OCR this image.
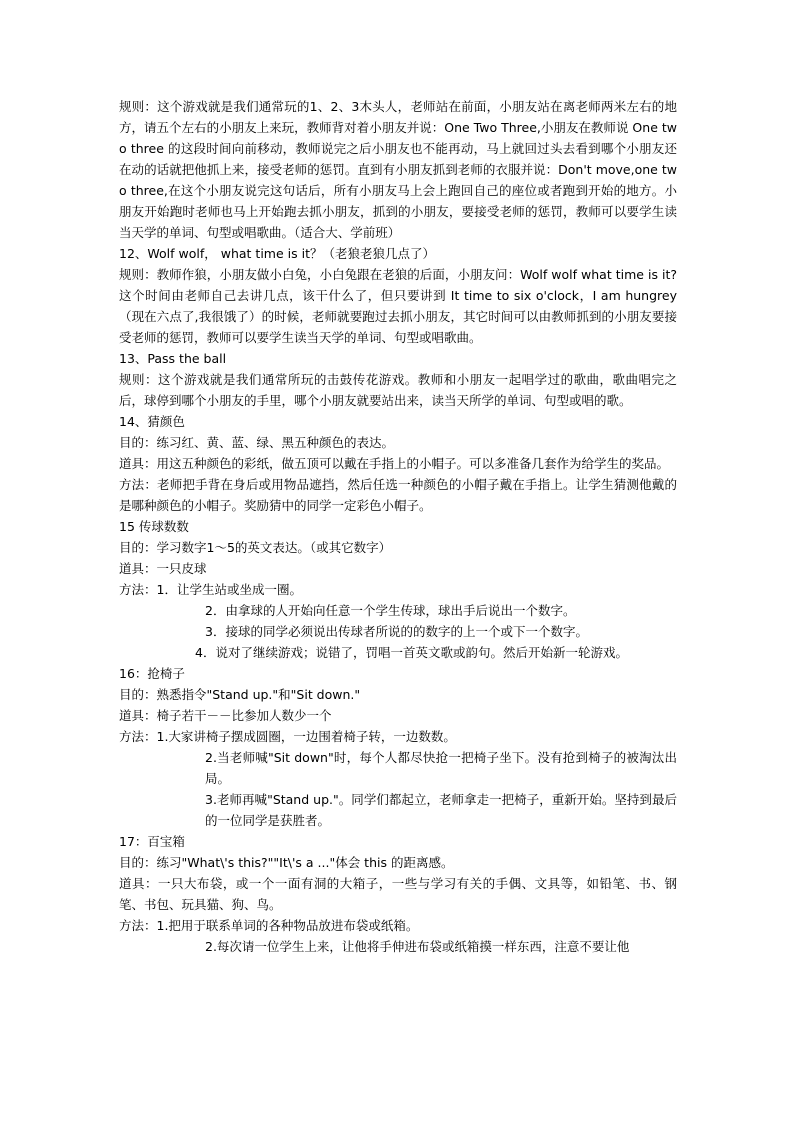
规则：这个游戏就是我们通常玩的1、2、3木头人，老师站在前面，小朋友站在离老师两米左右的地方，请五个左右的小朋友上来玩，教师背对着小朋友并说：One Two Three,小朋友在教师说 One two three 的这段时间向前移动，教师说完之后小朋友也不能再动，马上就回过头去看到哪个小朋友还在动的话就把他抓上来，接受老师的惩罚。直到有小朋友抓到老师的衣服并说：Don't move,one two three,在这个小朋友说完这句话后，所有小朋友马上会上跑回自己的座位或者跑到开始的地方。小朋友开始跑时老师也马上开始跑去抓小朋友，抓到的小朋友，要接受老师的惩罚，教师可以要学生读当天学的单词、句型或唱歌曲。（适合大、学前班）

12、Wolf wolf， what time is it？（老狼老狼几点了）

规则：教师作狼，小朋友做小白兔，小白兔跟在老狼的后面，小朋友问：Wolf wolf what time is it?这个时间由老师自己去讲几点，该干什么了，但只要讲到 It time to six o'clock，I am hungrey（现在六点了,我很饿了）的时候，老师就要跑过去抓小朋友，其它时间可以由教师抓到的小朋友要接受老师的惩罚，教师可以要学生读当天学的单词、句型或唱歌曲。

13、Pass the ball

规则：这个游戏就是我们通常所玩的击鼓传花游戏。教师和小朋友一起唱学过的歌曲，歌曲唱完之后，球停到哪个小朋友的手里，哪个小朋友就要站出来，读当天所学的单词、句型或唱的歌。

14、猜颜色

目的：练习红、黄、蓝、绿、黑五种颜色的表达。

道具：用这五种颜色的彩纸，做五顶可以戴在手指上的小帽子。可以多准备几套作为给学生的奖品。

方法：老师把手背在身后或用物品遮挡，然后任选一种颜色的小帽子戴在手指上。让学生猜测他戴的是哪种颜色的小帽子。奖励猜中的同学一定彩色小帽子。

15 传球数数

目的：学习数字1～5的英文表达。（或其它数字）

道具：一只皮球

方法：1．让学生站或坐成一圈。

2．由拿球的人开始向任意一个学生传球，球出手后说出一个数字。

3．接球的同学必须说出传球者所说的的数字的上一个或下一个数字。

4．说对了继续游戏；说错了，罚唱一首英文歌或韵句。然后开始新一轮游戏。

16：抢椅子

目的：熟悉指令"Stand up."和"Sit down."

道具：椅子若干－－比参加人数少一个

方法：1.大家讲椅子摆成圆圈，一边围着椅子转，一边数数。

2.当老师喊"Sit down"时，每个人都尽快抢一把椅子坐下。没有抢到椅子的被淘汰出局。

3.老师再喊"Stand up."。同学们都起立，老师拿走一把椅子，重新开始。坚持到最后的一位同学是获胜者。

17：百宝箱

目的：练习"What\'s this?""It\'s a ..."体会 this 的距离感。

道具：一只大布袋，或一个一面有洞的大箱子，一些与学习有关的手偶、文具等，如铅笔、书、钢笔、书包、玩具猫、狗、鸟。

方法：1.把用于联系单词的各种物品放进布袋或纸箱。

2.每次请一位学生上来，让他将手伸进布袋或纸箱摸一样东西，注意不要让他
